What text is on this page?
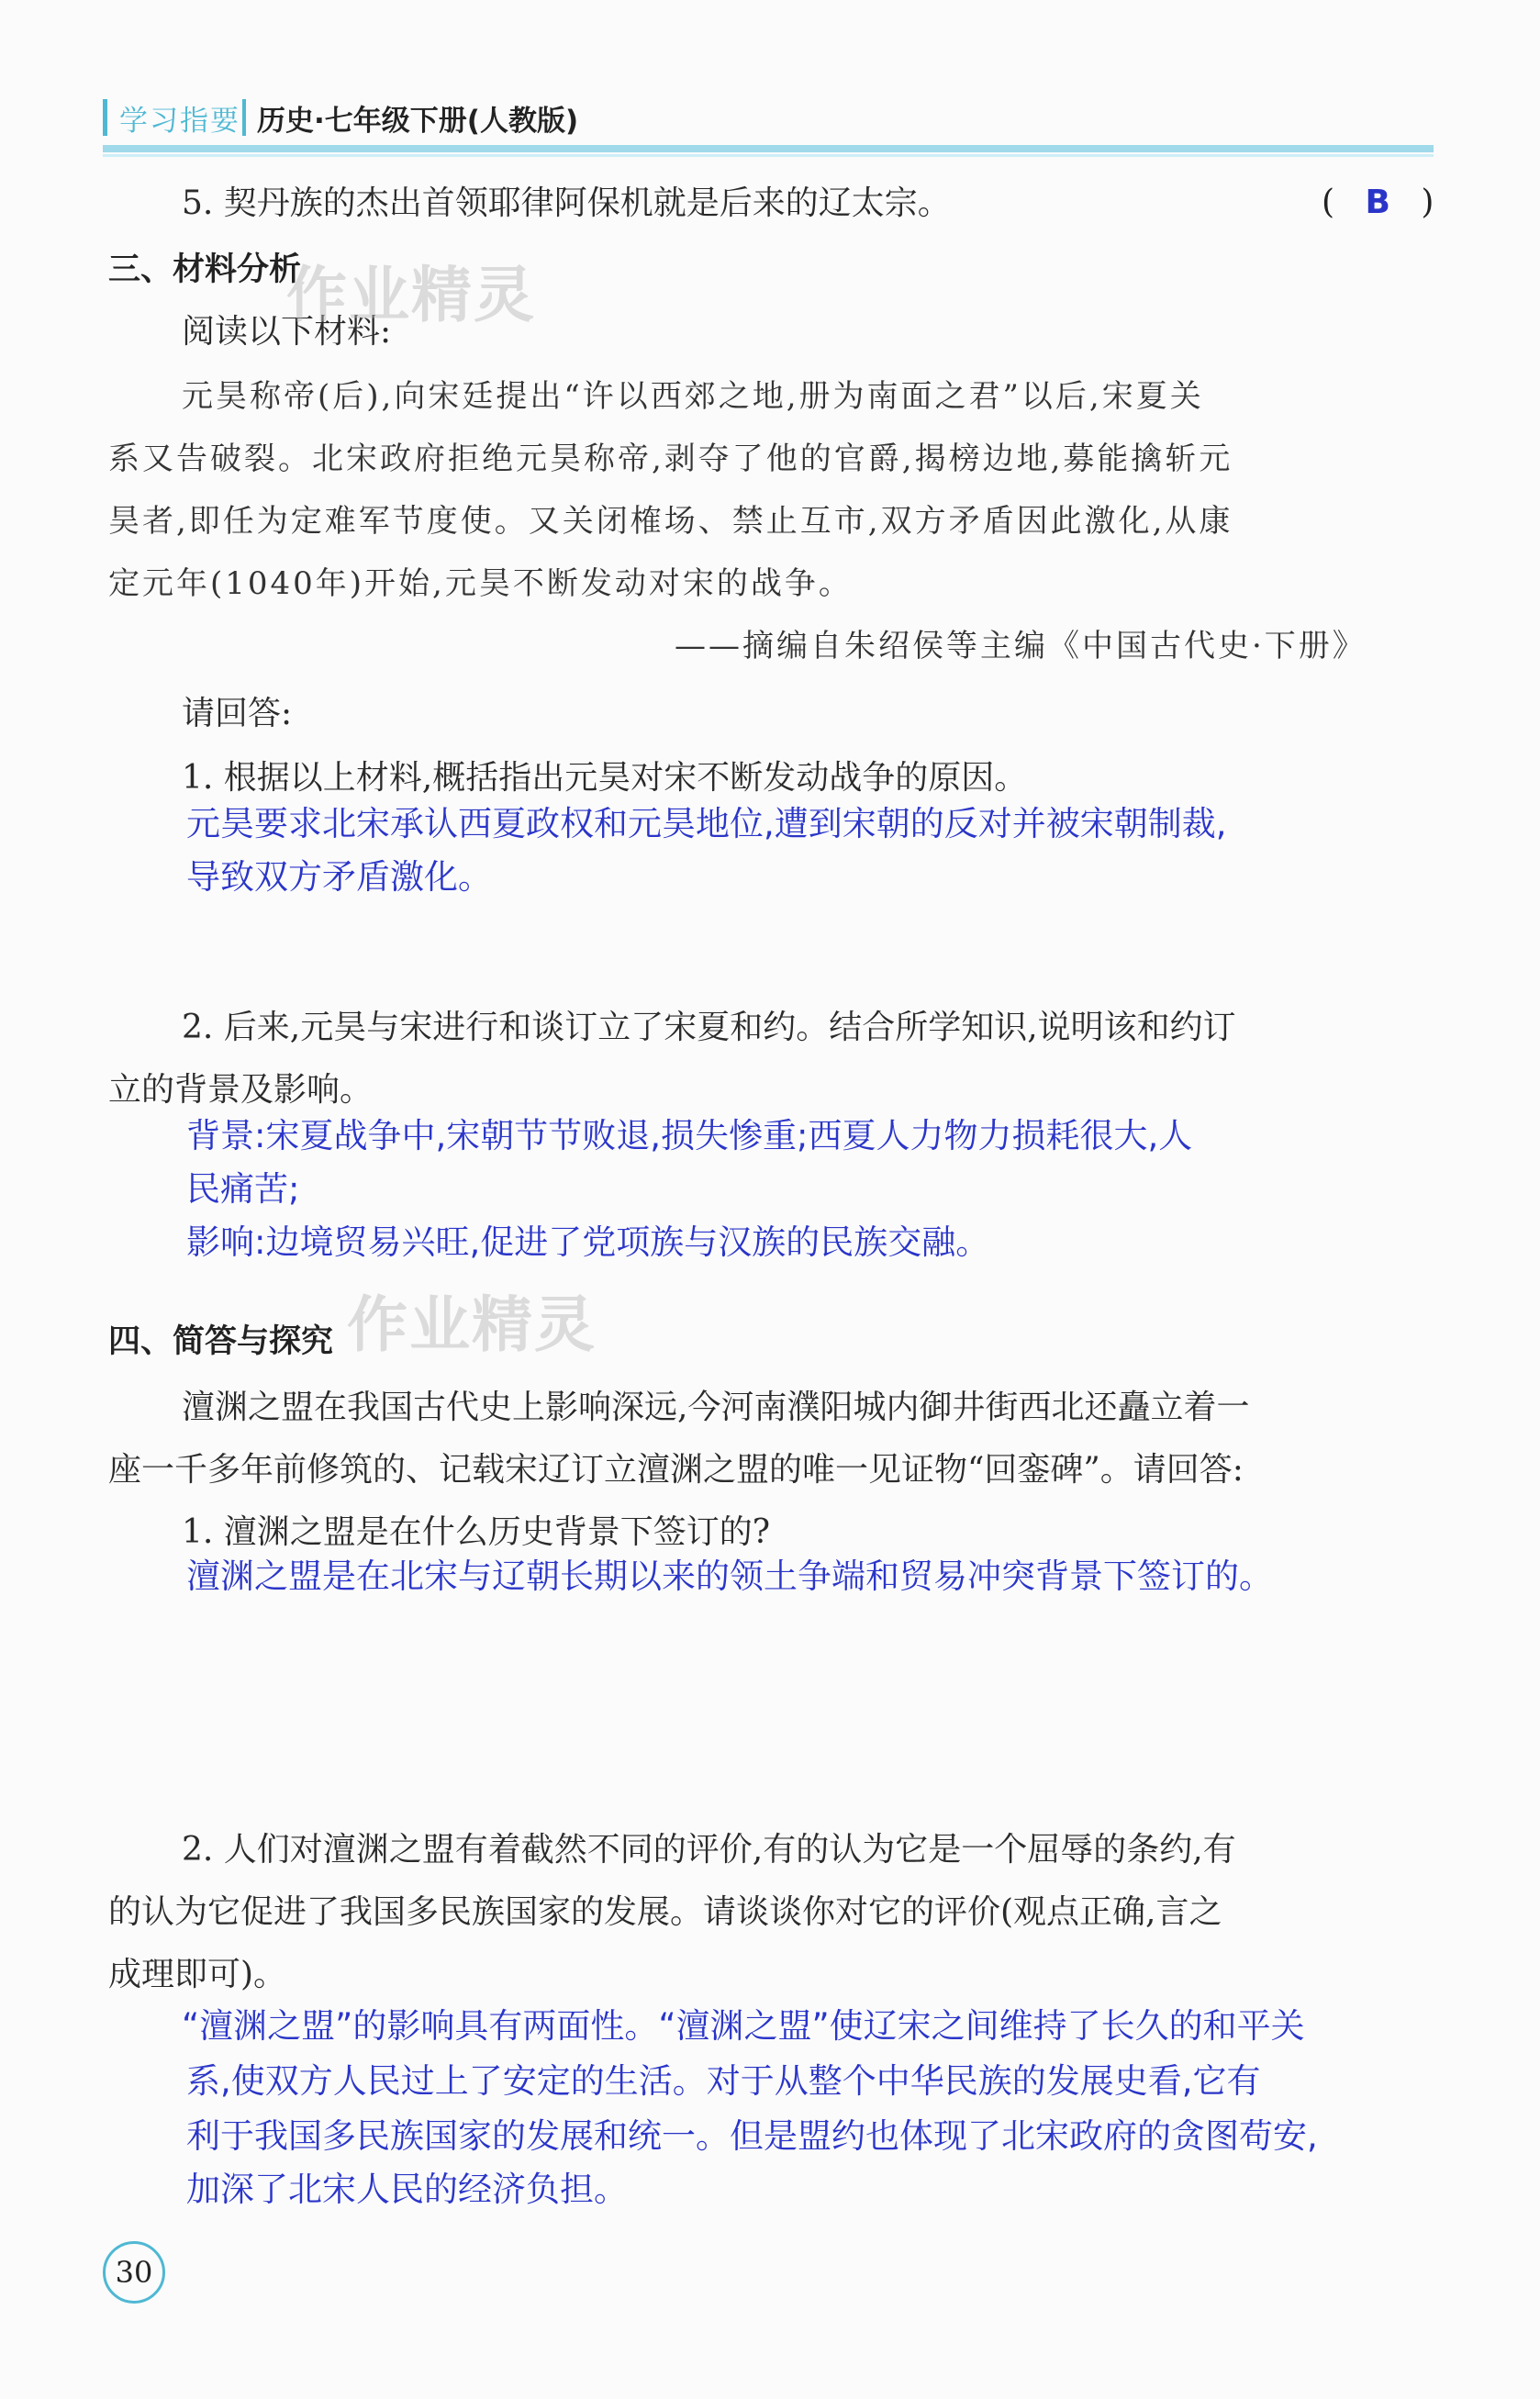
学习指要 历史·七年级下册(人教版)
5. 契丹族的杰出首领耶律阿保机就是后来的辽太宗。	( B )
三、材料分析
阅读以下材料:
元昊称帝(后),向宋廷提出“许以西郊之地,册为南面之君”以后,宋夏关
系又告破裂。北宋政府拒绝元昊称帝,剥夺了他的官爵,揭榜边地,募能擒斩元
昊者,即任为定难军节度使。又关闭榷场、禁止互市,双方矛盾因此激化,从康
定元年(1040年)开始,元昊不断发动对宋的战争。
——摘编自朱绍侯等主编《中国古代史·下册》
请回答:
1. 根据以上材料,概括指出元昊对宋不断发动战争的原因。
元昊要求北宋承认西夏政权和元昊地位,遭到宋朝的反对并被宋朝制裁,
导致双方矛盾激化。
2. 后来,元昊与宋进行和谈订立了宋夏和约。结合所学知识,说明该和约订
立的背景及影响。
背景:宋夏战争中,宋朝节节败退,损失惨重;西夏人力物力损耗很大,人
民痛苦;
影响:边境贸易兴旺,促进了党项族与汉族的民族交融。
四、简答与探究
澶渊之盟在我国古代史上影响深远,今河南濮阳城内御井街西北还矗立着一
座一千多年前修筑的、记载宋辽订立澶渊之盟的唯一见证物“回銮碑”。请回答:
1. 澶渊之盟是在什么历史背景下签订的?
澶渊之盟是在北宋与辽朝长期以来的领土争端和贸易冲突背景下签订的。
2. 人们对澶渊之盟有着截然不同的评价,有的认为它是一个屈辱的条约,有
的认为它促进了我国多民族国家的发展。请谈谈你对它的评价(观点正确,言之
成理即可)。
“澶渊之盟”的影响具有两面性。“澶渊之盟”使辽宋之间维持了长久的和平关
系,使双方人民过上了安定的生活。对于从整个中华民族的发展史看,它有
利于我国多民族国家的发展和统一。但是盟约也体现了北宋政府的贪图苟安,
加深了北宋人民的经济负担。
作业精灵
作业精灵
30
